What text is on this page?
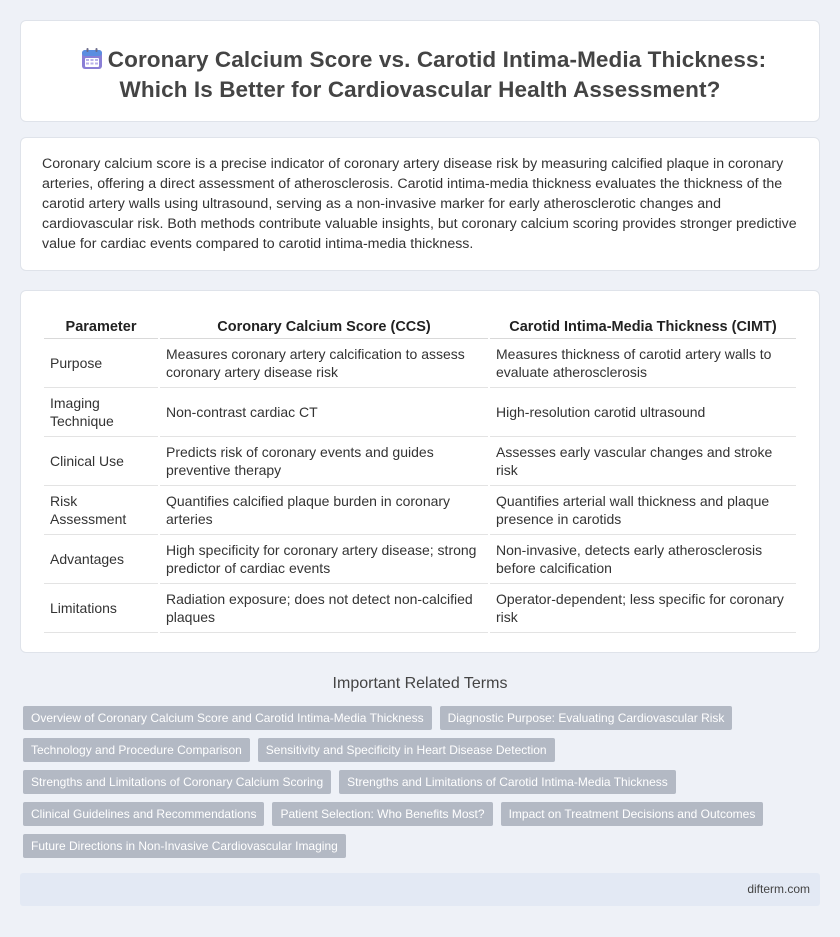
Coronary Calcium Score vs. Carotid Intima-Media Thickness:
Which Is Better for Cardiovascular Health Assessment?

Coronary calcium score is a precise indicator of coronary artery disease risk by measuring calcified plaque in coronary arteries, offering a direct assessment of atherosclerosis. Carotid intima-media thickness evaluates the thickness of the carotid artery walls using ultrasound, serving as a non-invasive marker for early atherosclerotic changes and cardiovascular risk. Both methods contribute valuable insights, but coronary calcium scoring provides stronger predictive value for cardiac events compared to carotid intima-media thickness.

Parameter	Coronary Calcium Score (CCS)	Carotid Intima-Media Thickness (CIMT)
Purpose	Measures coronary artery calcification to assess coronary artery disease risk	Measures thickness of carotid artery walls to evaluate atherosclerosis
Imaging Technique	Non-contrast cardiac CT	High-resolution carotid ultrasound
Clinical Use	Predicts risk of coronary events and guides preventive therapy	Assesses early vascular changes and stroke risk
Risk Assessment	Quantifies calcified plaque burden in coronary arteries	Quantifies arterial wall thickness and plaque presence in carotids
Advantages	High specificity for coronary artery disease; strong predictor of cardiac events	Non-invasive, detects early atherosclerosis before calcification
Limitations	Radiation exposure; does not detect non-calcified plaques	Operator-dependent; less specific for coronary risk
Important Related Terms
Overview of Coronary Calcium Score and Carotid Intima-Media Thickness	Diagnostic Purpose: Evaluating Cardiovascular Risk
Technology and Procedure Comparison	Sensitivity and Specificity in Heart Disease Detection
Strengths and Limitations of Coronary Calcium Scoring	Strengths and Limitations of Carotid Intima-Media Thickness
Clinical Guidelines and Recommendations	Patient Selection: Who Benefits Most?	Impact on Treatment Decisions and Outcomes
Future Directions in Non-Invasive Cardiovascular Imaging
difterm.com
